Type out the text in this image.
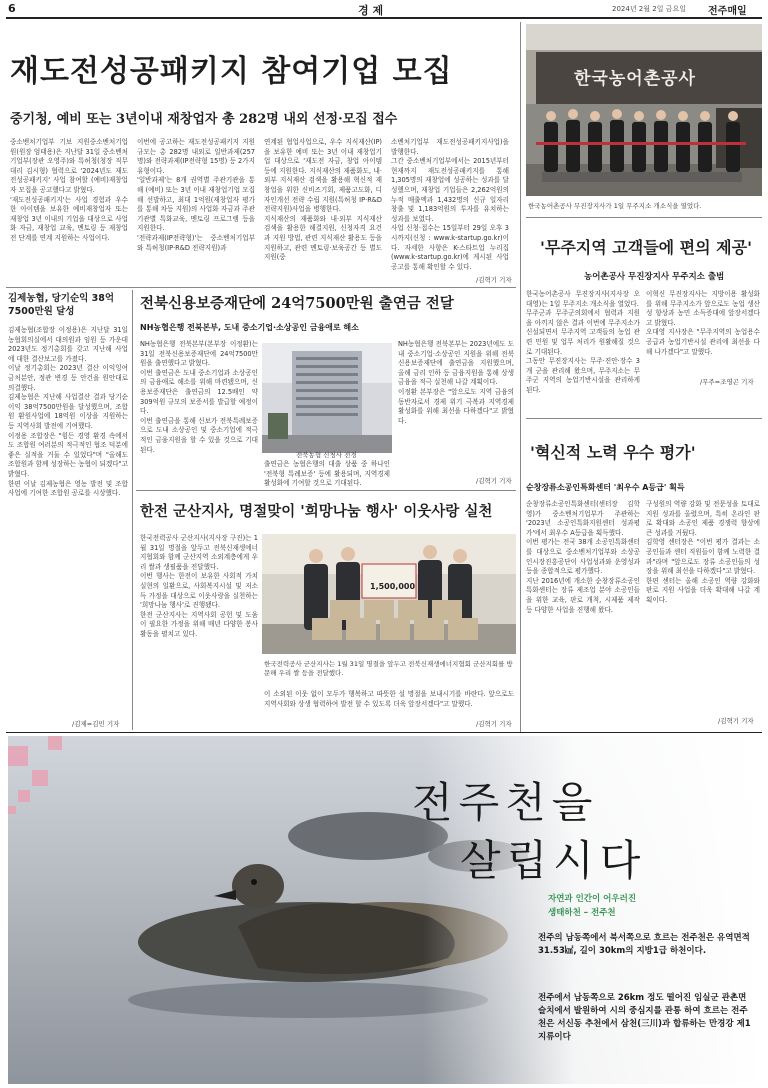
6	경 제	2024년 2월 2일 금요일 전주매일
재도전성공패키지 참여기업 모집
중기청, 예비 또는 3년이내 재창업자 총 282명 내외 선정·모집 접수
중소벤처기업부 기보 지원중소벤처기업원(원장 엄태용)은 지난달 31일 중소벤처기업부(장관 오영주)와 특허청(청장 직무대리 김시형) 협력으로 '2024년도 재도전성공패키지' 사업 참여할 (예비)재창업자 모집을 공고했다고 밝혔다.
'재도전성공패키지'는 사업 경험과 우수한 아이템을 보유한 예비재창업자 또는 재창업 3년 이내의 기업을 대상으로 사업화 자금, 재창업 교육, 멘토링 등 재창업 전 단계를 연계 지원하는 사업이다.
이번에 공고하는 재도전성공패키지 지원규모는 총 282명 내외로 일반과제(257명)와 전략과제(IP전략형 15명) 등 2가지 유형이다.
'일반과제'는 8개 권역별 주관기관을 통해 (예비) 또는 3년 이내 재창업기업 모집해 선발하고, 최대 1억원(재창업자 평가를 통해 차등 지원)의 사업화 자금과 주관기관별 특화교육, 멘토링 프로그램 등을 지원한다.
'전략과제(IP전략형)'는 중소벤처기업부와 특허청(IP·R&D 전략지원)과
연계된 협업사업으로, 우수 지식재산(IP)을 보유한 예비 또는 3년 이내 재창업기업 대상으로 '재도전 자금, 창업 아이템 등에 지원한다. 지식재산의 재품화도, 내·외부 지식재산 검색을 활용해 혁신적 재창업을 위한 신비즈기회, 제품고도화, 디자인개선 전략 수립 지원(특허청 IP·R&D 전략지원)사업을 병행한다.
지식재산의 재품화와 내·외부 지식재산 검색을 활용한 해결지원, 신청자격 요건과 지원 방법, 관련 지식재산 활용도 등을 지원하고, 관련 멘토링·보육공간 등 별도 지원(중
소벤처기업부 재도전성공패키지사업)을 발행한다.
그간 중소벤처기업부에서는 2015년부터 현재까지 재도전성공패키지를 통해 1,305명의 재창업에 성공하는 성과를 달성했으며, 재창업 기업들은 2,262억원의 누적 매출액과 1,432명의 신규 일자리 창출 및 1,183억원의 투자를 유치하는 성과를 보였다.
사업 신청·접수는 15일부터 29일 오후 3시까지(신청 : www.k-startup.go.kr)이다. 자세한 사항은 K-스타트업 누리집(www.k-startup.go.kr)에 게시된 사업공고를 통해 확인할 수 있다.
/김혁기 기자
한국농어촌공사
한국농어촌공사 무진장지사가 1일 무주지소 개소식을 열었다.
'무주지역 고객들에 편의 제공'
농어촌공사 무진장지사 무주지소 출범
한국농어촌공사 무진장지사(지사장 오대영)는 1일 무주지소 개소식을 열었다.
무주군과 무주군의회에서 협력과 지원을 아끼지 않은 결과 이번에 무주지소가 신설되면서 무주지역 고객들의 농업 관련 민원 및 업무 처리가 원활해질 것으로 기대된다.
그동안 무진장지사는 무주·진안·장수 3개 군을 관리해 왔으며, 무주지소는 무주군 지역의 농업기반시설을 관리하게 된다.
이혁신 무진장지사는 지방이용 활성화를 위해 무주지소가 앞으로도 농업 생산성 향상과 농민 소득증대에 앞장서겠다고 밝혔다.
오대영 지사장은 "무주지역의 농업용수 공급과 농업기반시설 관리에 최선을 다해 나가겠다"고 말했다.
/무주=조영곤 기자
'혁신적 노력 우수 평가'
순창장류소공인특화센터 '최우수 A등급' 획득
순창장류소공인특화센터(센터장 김학영)가 중소벤처기업부가 주관하는 '2023년 소공인특화지원센터 성과평가'에서 최우수 A등급을 획득했다.
이번 평가는 전국 38개 소공인특화센터를 대상으로 중소벤처기업부와 소상공인시장진흥공단이 사업성과와 운영성과 등을 종합적으로 평가했다.
지난 2016년에 개소한 순창장류소공인특화센터는 장류 제조업 분야 소공인들을 위한 교육, 판로 개척, 시제품 제작 등 다양한 사업을 진행해 왔다.
구성원의 역량 강화 및 전문성을 토대로 지원 성과를 올렸으며, 특히 온라인 판로 확대와 소공인 제품 경쟁력 향상에 큰 성과를 거뒀다.
김학영 센터장은 "이번 평가 결과는 소공인들과 센터 직원들이 함께 노력한 결과"라며 "앞으로도 장류 소공인들의 성장을 위해 최선을 다하겠다"고 밝혔다.
한편 센터는 올해 소공인 역량 강화와 판로 지원 사업을 더욱 확대해 나갈 계획이다.
/김혁기 기자
김제농협, 당기순익 38억7500만원 달성
김제농협(조합장 이정용)은 지난달 31일 농협회의실에서 대의원과 임원 등 가운데 2023년도 정기총회를 갖고 지난해 사업에 대한 결산보고를 가졌다.
이날 정기총회는 2023년 결산 이익잉여금처분안, 정관 변경 등 안건을 원안대로 의결했다.
김제농협은 지난해 사업결산 결과 당기순이익 38억7500만원을 달성했으며, 조합원 환원사업에 18억원 이상을 지원하는 등 지역사회 발전에 기여했다.
이정용 조합장은 "힘든 경영 환경 속에서도 조합원 여러분의 적극적인 협조 덕분에 좋은 실적을 거둘 수 있었다"며 "올해도 조합원과 함께 성장하는 농협이 되겠다"고 밝혔다.
한편 이날 김제농협은 영농 발전 및 조합 사업에 기여한 조합원 공로를 시상했다.
/김제=김민 기자
전북신용보증재단에 24억7500만원 출연금 전달
NH농협은행 전북본부, 도내 중소기업·소상공인 금융애로 해소
NH농협은행 전북본부(본부장 이정환)는 31일 전북신용보증재단에 24억7500만원을 출연했다고 밝혔다.
이번 출연금은 도내 중소기업과 소상공인의 금융애로 해소를 위해 마련됐으며, 신용보증재단은 출연금의 12.5배인 약 309억원 규모의 보증서를 발급할 예정이다.
이번 출연금을 통해 신보가 전북특례보증으로 도내 소상공인 및 중소기업에 적극적인 금융지원을 할 수 있을 것으로 기대된다.
출연금은 농협은행의 대출 상품 중 하나인 '전북형 특례보증' 등에 활용되며, 지역경제 활성화에 기여할 것으로 기대된다.
전북농협 신청사 전경
NH농협은행 전북본부는 2023년에도 도내 중소기업·소상공인 지원을 위해 전북신용보증재단에 출연금을 지원했으며, 올해 금리 인하 등 금융지원을 통해 상생 금융을 적극 실천해 나갈 계획이다.
이정환 본부장은 "앞으로도 지역 금융의 동반자로서 경제 위기 극복과 지역경제 활성화를 위해 최선을 다하겠다"고 밝혔다.
/김혁기 기자
한전 군산지사, 명절맞이 '희망나눔 행사' 이웃사랑 실천
한국전력공사 군산지사(지사장 구진)는 1월 31일 명절을 앞두고 전북신재생에너지협회와 함께 군산지역 소외계층에게 우리 쌀과 생필품을 전달했다.
이번 행사는 한전이 보유한 사회적 가치 실현의 일환으로, 사회복지시설 및 저소득 가정을 대상으로 이웃사랑을 실천하는 '희망나눔 행사'로 진행됐다.
한전 군산지사는 지역사회 공헌 및 도움이 필요한 가정을 위해 매년 다양한 봉사활동을 펼치고 있다.
1,500,000
한국전력공사 군산지사는 1월 31일 명절을 앞두고 전북신재생에너지협회 군산지회를 방문해 우리 쌀 등을 전달했다.
이 소외된 이웃 없이 모두가 행복하고 따뜻한 설 명절을 보내시기를 바란다. 앞으로도 지역사회와 상생 협력하여 발전 할 수 있도록 더욱 앞장서겠다"고 말했다.
/김혁기 기자
전주천을
살립시다
자연과 인간이 어우러진
생태하천 – 전주천
전주의 남동쪽에서 북서쪽으로 흐르는 전주천은 유역면적 31.53㎢, 길이 30km의 지방1급 하천이다.
전주에서 남동쪽으로 26km 정도 떨어진 임실군 관촌면 슬치에서 발원하여 시의 중심지를 관통 하여 흐르는 전주천은 서신동 추천에서 삼천(三川)과 합류하는 만경강 제1지류이다
